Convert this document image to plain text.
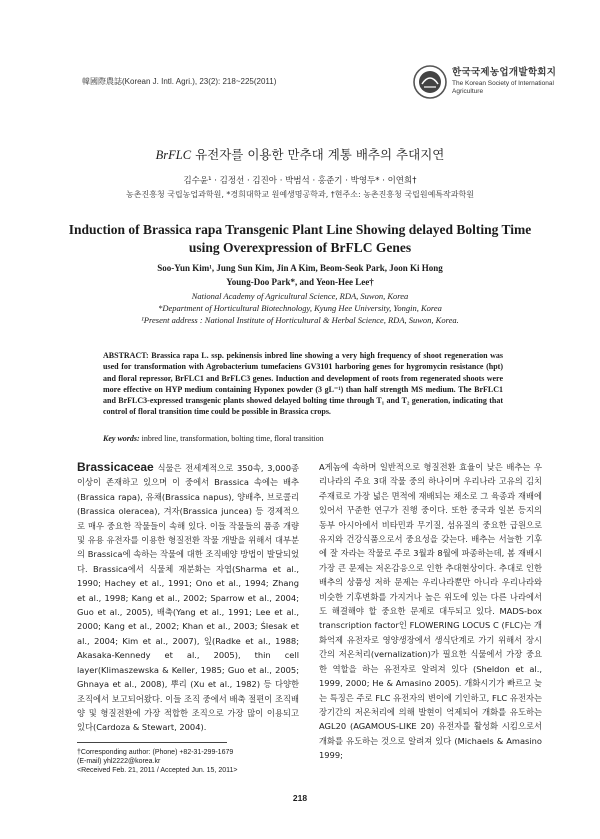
韓國際農誌(Korean J. Intl. Agri.), 23(2): 218~225(2011)
한국국제농업개발학회지
The Korean Society of International Agriculture
BrFLC 유전자를 이용한 만추대 계통 배추의 추대지연
김수윤¹ · 김정선 · 김진아 · 박범석 · 홍준기 · 박영두* · 이연희†
농촌진흥청 국립농업과학원, *경희대학교 원예생명공학과, †현주소: 농촌진흥청 국립원예특작과학원
Induction of Brassica rapa Transgenic Plant Line Showing delayed Bolting Time
using Overexpression of BrFLC Genes
Soo-Yun Kim¹, Jung Sun Kim, Jin A Kim, Beom-Seok Park, Joon Ki Hong
Young-Doo Park*, and Yeon-Hee Lee†
National Academy of Agricultural Science, RDA, Suwon, Korea
*Department of Horticultural Biotechnology, Kyung Hee University, Yongin, Korea
¹Present address : National Institute of Horticultural & Herbal Science, RDA, Suwon, Korea.
ABSTRACT: Brassica rapa L. ssp. pekinensis inbred line showing a very high frequency of shoot regeneration was used for transformation with Agrobacterium tumefaciens GV3101 harboring genes for hygromycin resistance (hpt) and floral repressor, BrFLC1 and BrFLC3 genes. Induction and development of roots from regenerated shoots were more effective on HYP medium containing Hyponex powder (3 gL⁻¹) than half strength MS medium. The BrFLC1 and BrFLC3-expressed transgenic plants showed delayed bolting time through T₁ and T₂ generation, indicating that control of floral transition time could be possible in Brassica crops.
Key words: inbred line, transformation, bolting time, floral transition
Brassicaceae 식물은 전세계적으로 350속, 3,000종 이상이 존재하고 있으며 이 중에서 Brassica 속에는 배추(Brassica rapa), 유채(Brassica napus), 양배추, 브로콜리(Brassica oleracea), 겨자(Brassica juncea) 등 경제적으로 매우 중요한 작물들이 속해 있다. 이들 작물들의 품종 개량 및 유용 유전자를 이용한 형질전환 작물 개발을 위해서 대부분의 Brassica에 속하는 작물에 대한 조직배양 방법이 발달되었다. Brassica에서 식물체 재분화는 자엽(Sharma et al., 1990; Hachey et al., 1991; Ono et al., 1994; Zhang et al., 1998; Kang et al., 2002; Sparrow et al., 2004; Guo et al., 2005), 배축(Yang et al., 1991; Lee et al., 2000; Kang et al., 2002; Khan et al., 2003; Ślesak et al., 2004; Kim et al., 2007), 잎(Radke et al., 1988; Akasaka-Kennedy et al., 2005), thin cell layer(Klimaszewska & Keller, 1985; Guo et al., 2005; Ghnaya et al., 2008), 뿌리 (Xu et al., 1982) 등 다양한 조직에서 보고되어왔다. 이들 조직 중에서 배축 절편이 조직배양 및 형질전환에 가장 적합한 조직으로 가장 많이 이용되고 있다(Cardoza & Stewart, 2004).
A게놈에 속하며 일반적으로 형질전환 효율이 낮은 배추는 우리나라의 주요 3대 작물 중의 하나이며 우리나라 고유의 김치 주재료로 가장 넓은 면적에 재배되는 채소로 그 육종과 재배에 있어서 꾸준한 연구가 진행 중이다. 또한 중국과 일본 등지의 동부 아시아에서 비타민과 무기질, 섬유질의 중요한 급원으로 유지와 건강식품으로서 중요성을 갖는다. 배추는 서늘한 기후에 잘 자라는 작물로 주로 3월과 8월에 파종하는데, 봄 재배시 가장 큰 문제는 저온감응으로 인한 추대현상이다. 추대로 인한 배추의 상품성 저하 문제는 우리나라뿐만 아니라 우리나라와 비슷한 기후변화를 가지거나 높은 위도에 있는 다른 나라에서도 해결해야 할 중요한 문제로 대두되고 있다. MADS-box transcription factor인 FLOWERING LOCUS C (FLC)는 개화억제 유전자로 영양생장에서 생식단계로 가기 위해서 장시간의 저온처리(vernalization)가 필요한 식물에서 가장 중요한 역할을 하는 유전자로 알려져 있다 (Sheldon et al., 1999, 2000; He & Amasino 2005). 개화시기가 빠르고 늦는 특징은 주로 FLC 유전자의 변이에 기인하고, FLC 유전자는 장기간의 저온처리에 의해 발현이 억제되어 개화를 유도하는 AGL20 (AGAMOUS-LIKE 20) 유전자를 활성화 시킴으로서 개화를 유도하는 것으로 알려져 있다 (Michaels & Amasino 1999;
†Corresponding author: (Phone) +82-31-299-1679
(E-mail) yhl2222@korea.kr
<Received Feb. 21, 2011 / Accepted Jun. 15, 2011>
218
